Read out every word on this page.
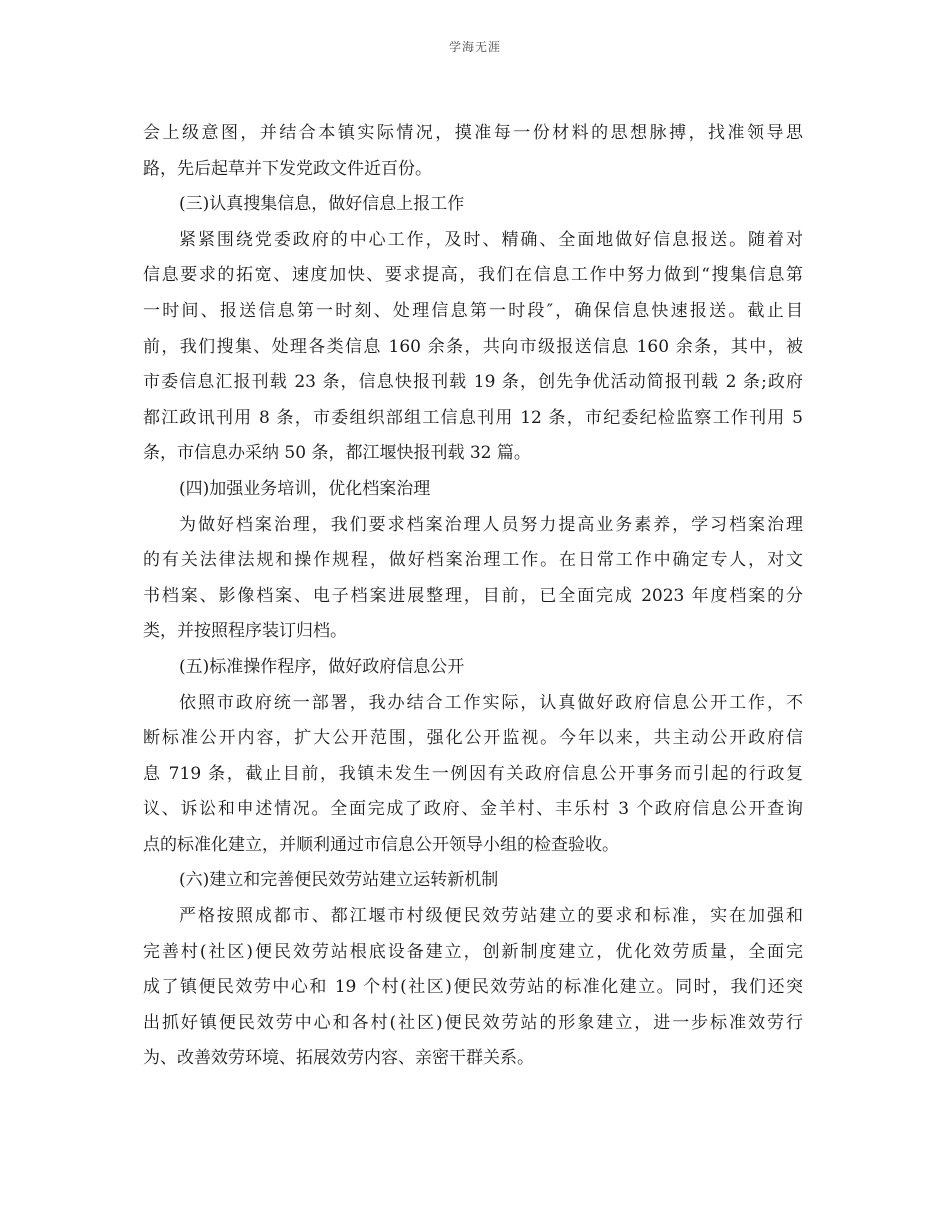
学海无涯
会上级意图，并结合本镇实际情况，摸准每一份材料的思想脉搏，找准领导思
路，先后起草并下发党政文件近百份。
(三)认真搜集信息，做好信息上报工作
紧紧围绕党委政府的中心工作，及时、精确、全面地做好信息报送。随着对
信息要求的拓宽、速度加快、要求提高，我们在信息工作中努力做到“搜集信息第
一时间、报送信息第一时刻、处理信息第一时段″，确保信息快速报送。截止目
前，我们搜集、处理各类信息 160 余条，共向市级报送信息 160 余条，其中，被
市委信息汇报刊载 23 条，信息快报刊载 19 条，创先争优活动简报刊载 2 条;政府
都江政讯刊用 8 条，市委组织部组工信息刊用 12 条，市纪委纪检监察工作刊用 5
条，市信息办采纳 50 条，都江堰快报刊载 32 篇。
(四)加强业务培训，优化档案治理
为做好档案治理，我们要求档案治理人员努力提高业务素养，学习档案治理
的有关法律法规和操作规程，做好档案治理工作。在日常工作中确定专人，对文
书档案、影像档案、电子档案进展整理，目前，已全面完成 2023 年度档案的分
类，并按照程序装订归档。
(五)标准操作程序，做好政府信息公开
依照市政府统一部署，我办结合工作实际，认真做好政府信息公开工作，不
断标准公开内容，扩大公开范围，强化公开监视。今年以来，共主动公开政府信
息 719 条，截止目前，我镇未发生一例因有关政府信息公开事务而引起的行政复
议、诉讼和申述情况。全面完成了政府、金羊村、丰乐村 3 个政府信息公开查询
点的标准化建立，并顺利通过市信息公开领导小组的检查验收。
(六)建立和完善便民效劳站建立运转新机制
严格按照成都市、都江堰市村级便民效劳站建立的要求和标准，实在加强和
完善村(社区)便民效劳站根底设备建立，创新制度建立，优化效劳质量，全面完
成了镇便民效劳中心和 19 个村(社区)便民效劳站的标准化建立。同时，我们还突
出抓好镇便民效劳中心和各村(社区)便民效劳站的形象建立，进一步标准效劳行
为、改善效劳环境、拓展效劳内容、亲密干群关系。
